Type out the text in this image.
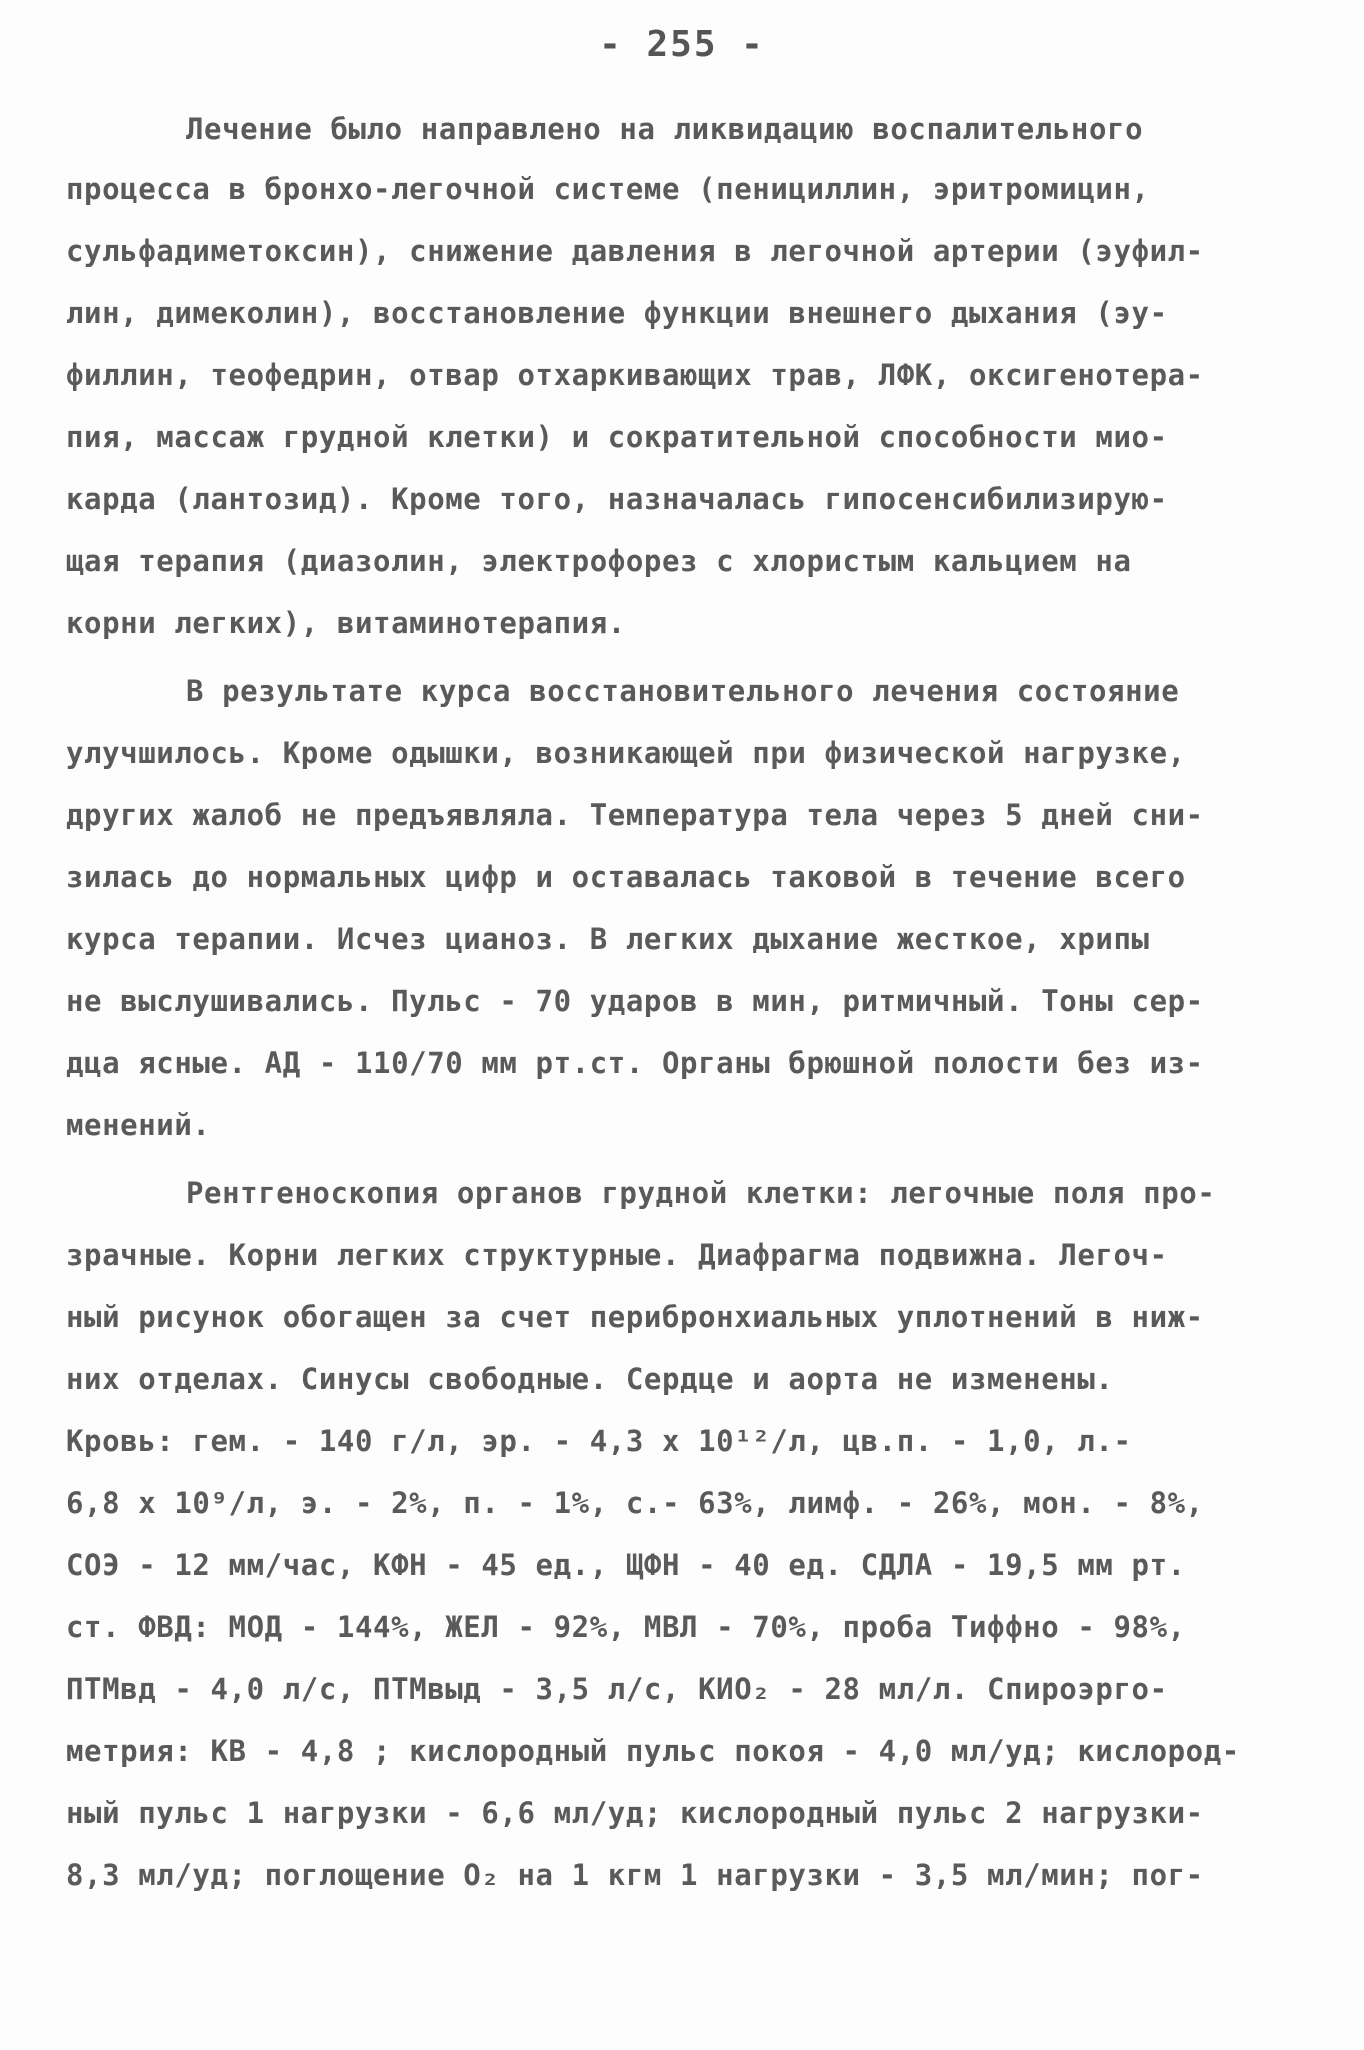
- 255 -
Лечение было направлено на ликвидацию воспалительного
процесса в бронхо-легочной системе (пенициллин, эритромицин,
сульфадиметоксин), снижение давления в легочной артерии (эуфил-
лин, димеколин), восстановление функции внешнего дыхания (эу-
филлин, теофедрин, отвар отхаркивающих трав, ЛФК, оксигенотера-
пия, массаж грудной клетки) и сократительной способности мио-
карда (лантозид). Кроме того, назначалась гипосенсибилизирую-
щая терапия (диазолин, электрофорез с хлористым кальцием на
корни легких), витаминотерапия.
В результате курса восстановительного лечения состояние
улучшилось. Кроме одышки, возникающей при физической нагрузке,
других жалоб не предъявляла. Температура тела через 5 дней сни-
зилась до нормальных цифр и оставалась таковой в течение всего
курса терапии. Исчез цианоз. В легких дыхание жесткое, хрипы
не выслушивались. Пульс - 70 ударов в мин, ритмичный. Тоны сер-
дца ясные. АД - 110/70 мм рт.ст. Органы брюшной полости без из-
менений.
Рентгеноскопия органов грудной клетки: легочные поля про-
зрачные. Корни легких структурные. Диафрагма подвижна. Легоч-
ный рисунок обогащен за счет перибронхиальных уплотнений в ниж-
них отделах. Синусы свободные. Сердце и аорта не изменены.
Кровь: гем. - 140 г/л, эр. - 4,3 x 10¹²/л, цв.п. - 1,0, л.-
6,8 x 10⁹/л, э. - 2%, п. - 1%, с.- 63%, лимф. - 26%, мон. - 8%,
СОЭ - 12 мм/час, КФН - 45 ед., ЩФН - 40 ед. СДЛА - 19,5 мм рт.
ст. ФВД: МОД - 144%, ЖЕЛ - 92%, МВЛ - 70%, проба Тиффно - 98%,
ПТМвд - 4,0 л/с, ПТМвыд - 3,5 л/с, КИО₂ - 28 мл/л. Спироэрго-
метрия: КВ - 4,8 ; кислородный пульс покоя - 4,0 мл/уд; кислород-
ный пульс 1 нагрузки - 6,6 мл/уд; кислородный пульс 2 нагрузки-
8,3 мл/уд; поглощение O₂ на 1 кгм 1 нагрузки - 3,5 мл/мин; пог-
